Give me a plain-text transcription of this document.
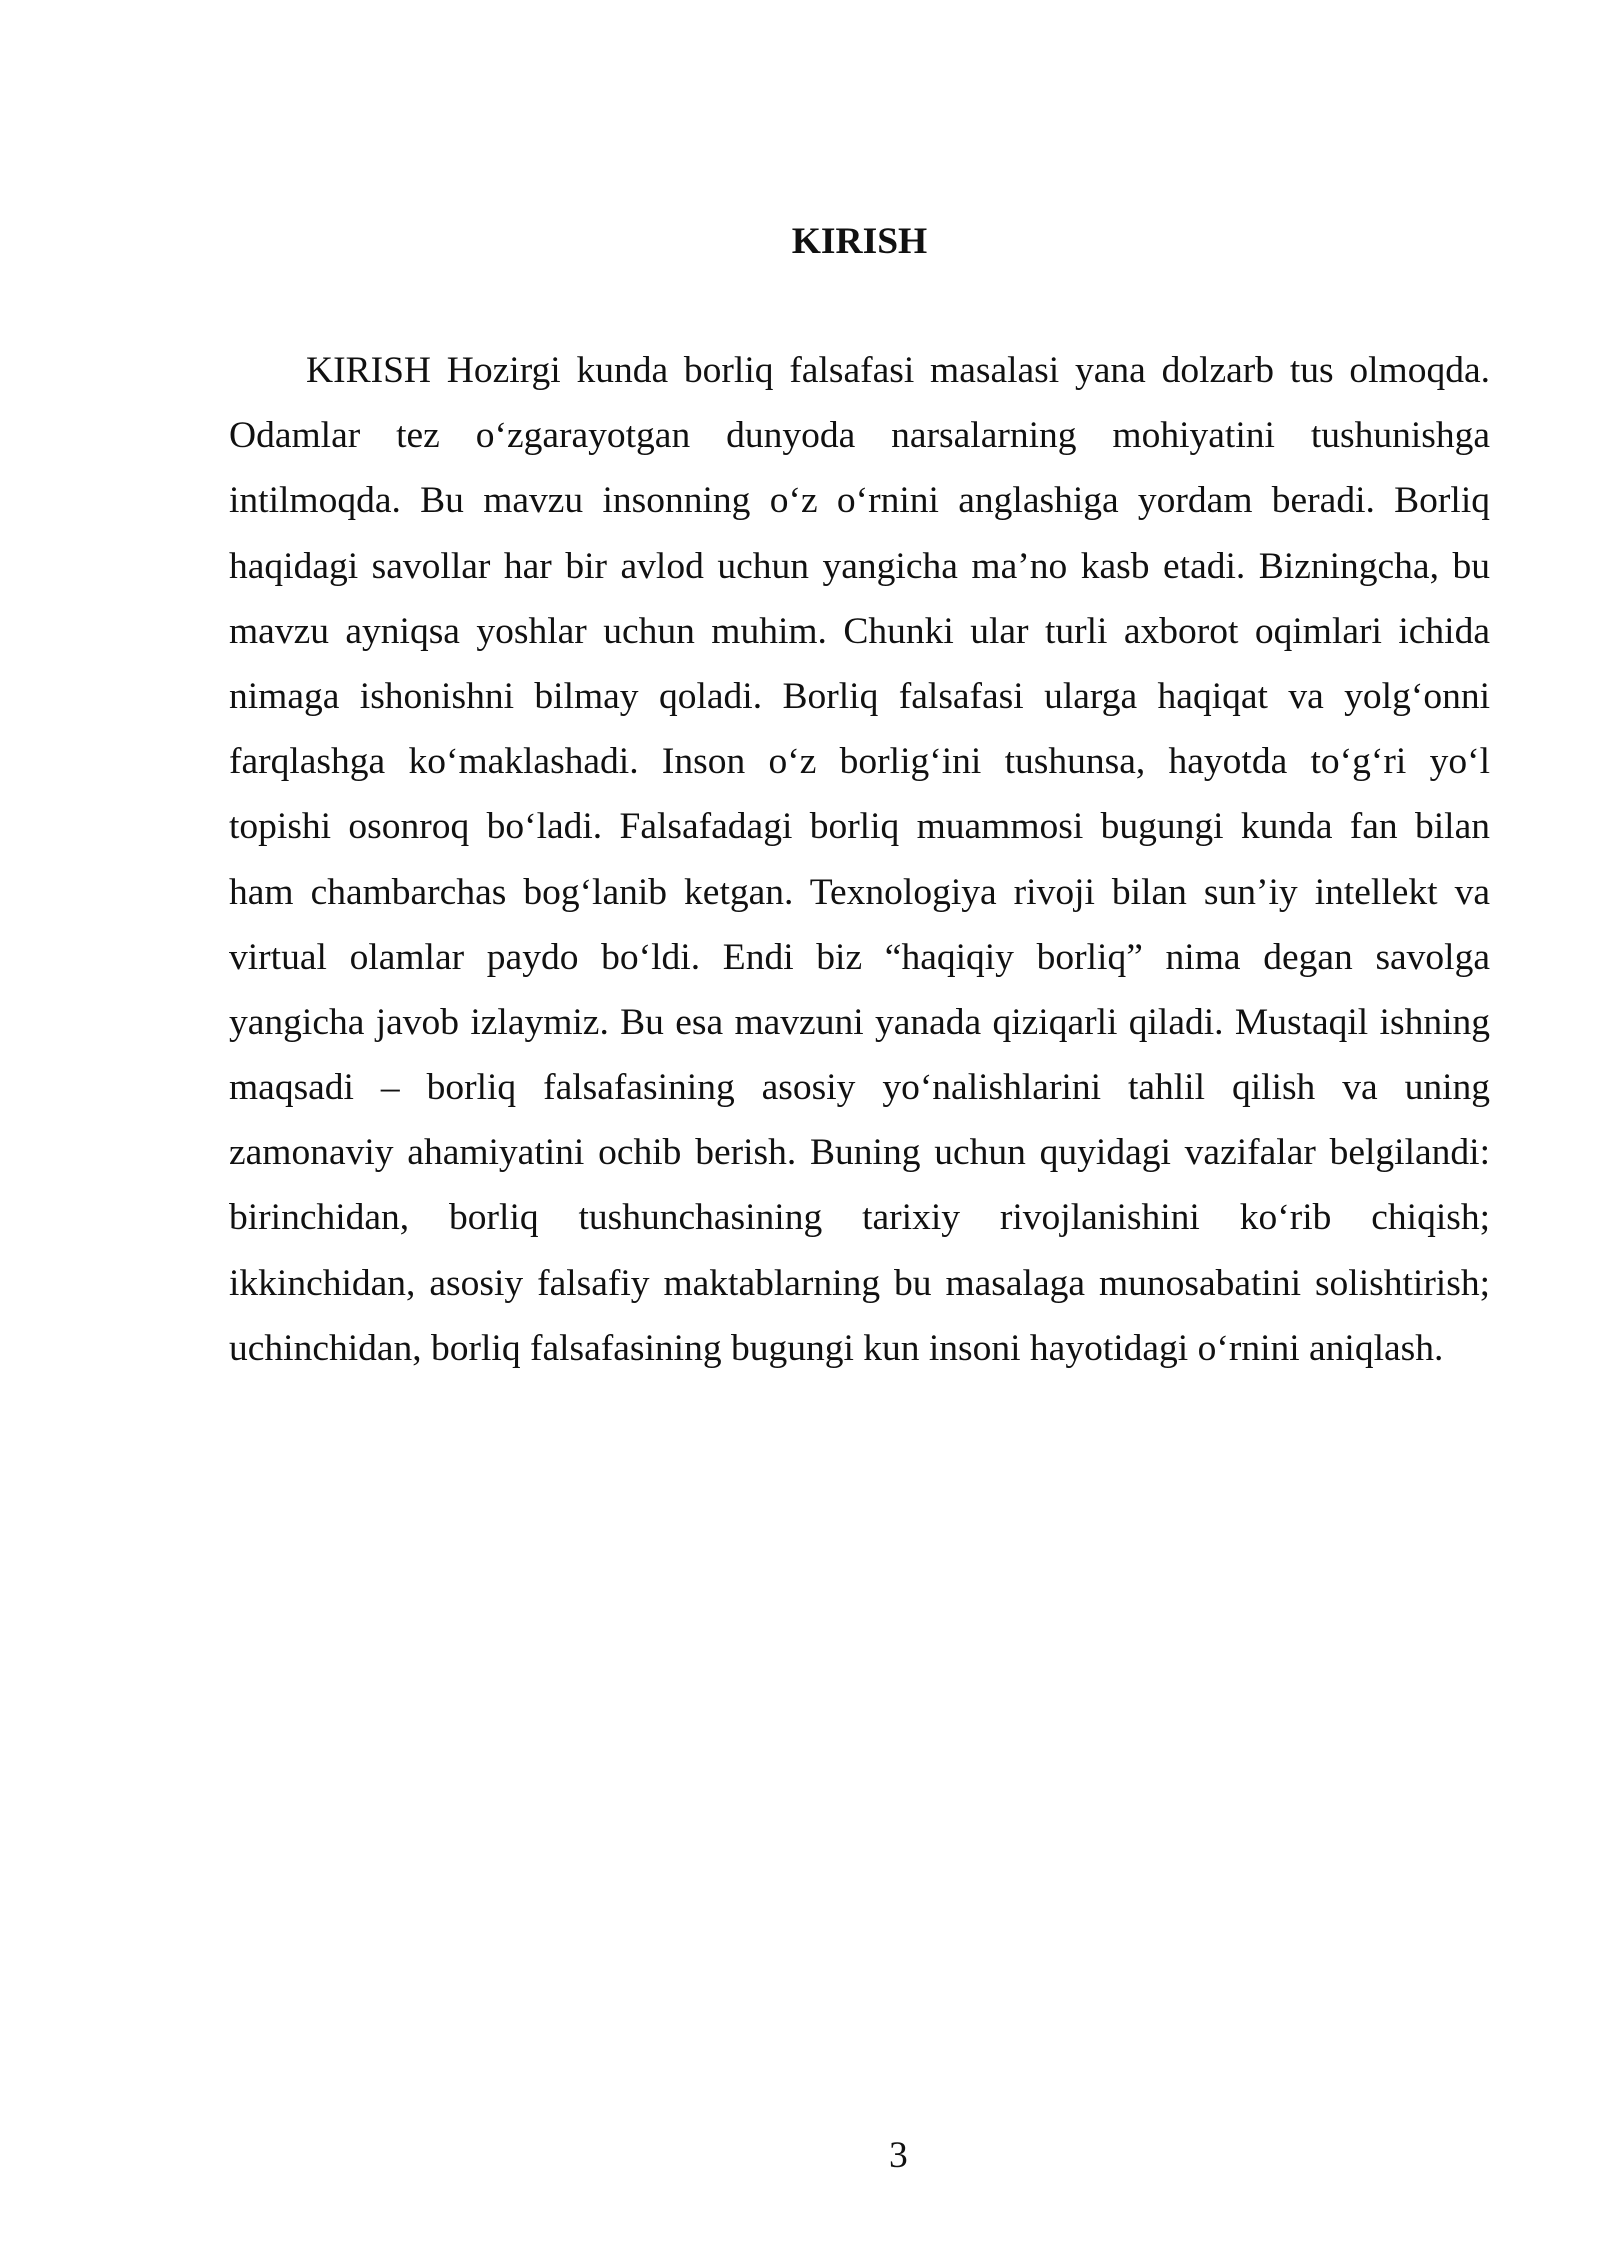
KIRISH
KIRISH Hozirgi kunda borliq falsafasi masalasi yana dolzarb tus olmoqda.
Odamlar tez o‘zgarayotgan dunyoda narsalarning mohiyatini tushunishga
intilmoqda. Bu mavzu insonning o‘z o‘rnini anglashiga yordam beradi. Borliq
haqidagi savollar har bir avlod uchun yangicha ma’no kasb etadi. Bizningcha, bu
mavzu ayniqsa yoshlar uchun muhim. Chunki ular turli axborot oqimlari ichida
nimaga ishonishni bilmay qoladi. Borliq falsafasi ularga haqiqat va yolg‘onni
farqlashga ko‘maklashadi. Inson o‘z borlig‘ini tushunsa, hayotda to‘g‘ri yo‘l
topishi osonroq bo‘ladi. Falsafadagi borliq muammosi bugungi kunda fan bilan
ham chambarchas bog‘lanib ketgan. Texnologiya rivoji bilan sun’iy intellekt va
virtual olamlar paydo bo‘ldi. Endi biz “haqiqiy borliq” nima degan savolga
yangicha javob izlaymiz. Bu esa mavzuni yanada qiziqarli qiladi. Mustaqil ishning
maqsadi – borliq falsafasining asosiy yo‘nalishlarini tahlil qilish va uning
zamonaviy ahamiyatini ochib berish. Buning uchun quyidagi vazifalar belgilandi:
birinchidan, borliq tushunchasining tarixiy rivojlanishini ko‘rib chiqish;
ikkinchidan, asosiy falsafiy maktablarning bu masalaga munosabatini solishtirish;
uchinchidan, borliq falsafasining bugungi kun insoni hayotidagi o‘rnini aniqlash.
3
